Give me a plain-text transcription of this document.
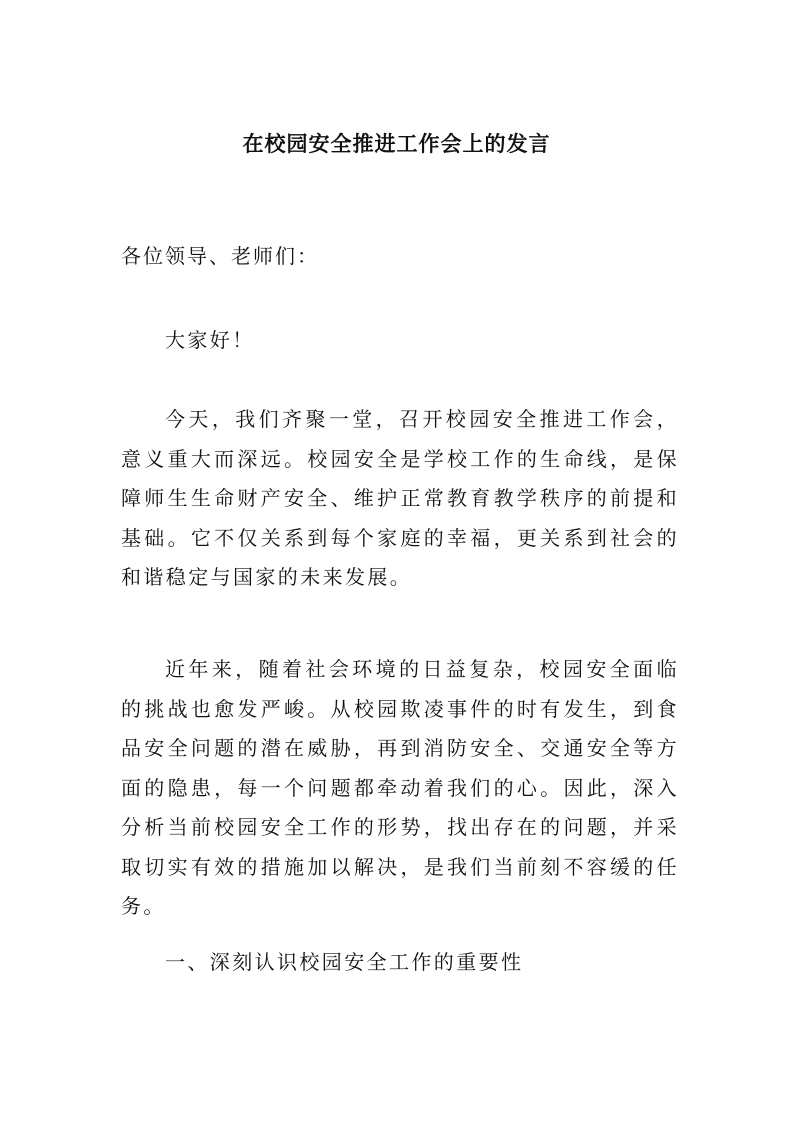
在校园安全推进工作会上的发言
各位领导、老师们：

大家好！

今天，我们齐聚一堂，召开校园安全推进工作会，意义重大而深远。校园安全是学校工作的生命线，是保障师生生命财产安全、维护正常教育教学秩序的前提和基础。它不仅关系到每个家庭的幸福，更关系到社会的和谐稳定与国家的未来发展。

近年来，随着社会环境的日益复杂，校园安全面临的挑战也愈发严峻。从校园欺凌事件的时有发生，到食品安全问题的潜在威胁，再到消防安全、交通安全等方面的隐患，每一个问题都牵动着我们的心。因此，深入分析当前校园安全工作的形势，找出存在的问题，并采取切实有效的措施加以解决，是我们当前刻不容缓的任务。

一、深刻认识校园安全工作的重要性
